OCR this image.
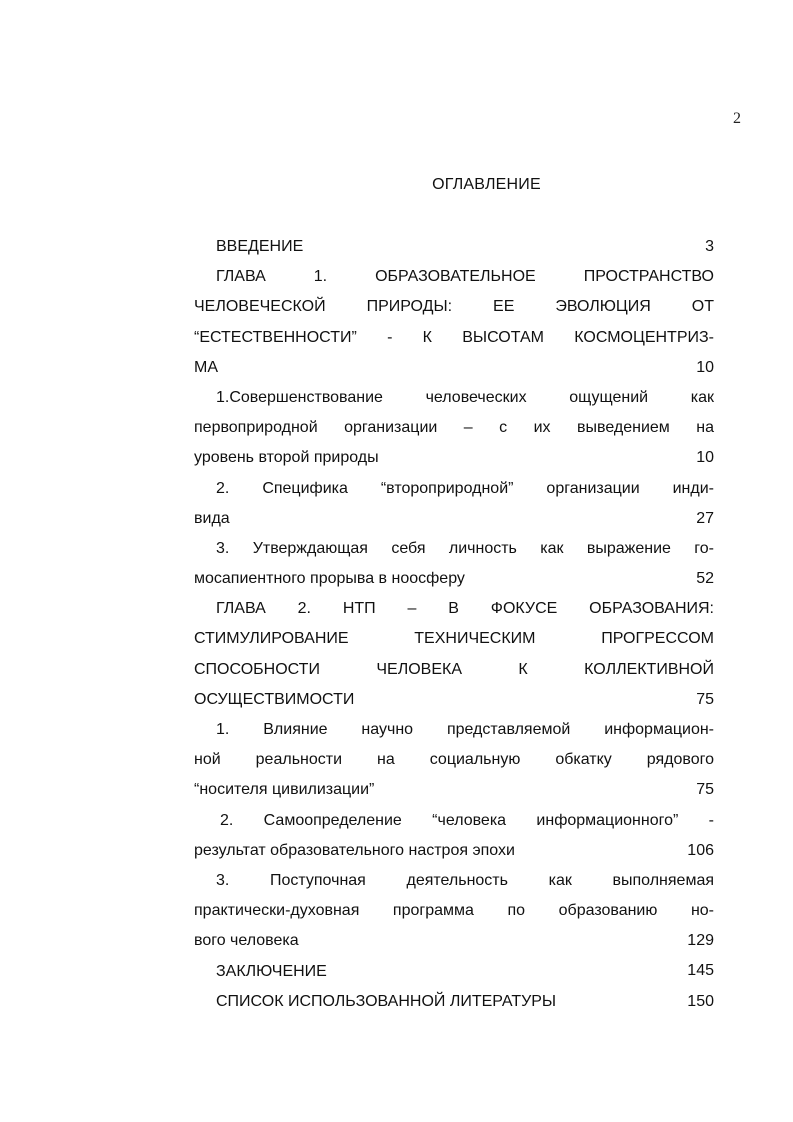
2
ОГЛАВЛЕНИЕ
ВВЕДЕНИЕ	3
ГЛАВА 1. ОБРАЗОВАТЕЛЬНОЕ ПРОСТРАНСТВО
ЧЕЛОВЕЧЕСКОЙ ПРИРОДЫ: ЕЕ ЭВОЛЮЦИЯ ОТ
“ЕСТЕСТВЕННОСТИ” - К ВЫСОТАМ КОСМОЦЕНТРИЗ-
МА	10
1.Совершенствование человеческих ощущений как
первоприродной организации – с их выведением на
уровень второй природы	10
2. Специфика “второприродной” организации инди-
вида	27
3. Утверждающая себя личность как выражение го-
мосапиентного прорыва в ноосферу	52
ГЛАВА 2. НТП – В ФОКУСЕ ОБРАЗОВАНИЯ:
СТИМУЛИРОВАНИЕ ТЕХНИЧЕСКИМ ПРОГРЕССОМ
СПОСОБНОСТИ ЧЕЛОВЕКА К КОЛЛЕКТИВНОЙ
ОСУЩЕСТВИМОСТИ	75
1. Влияние научно представляемой информацион-
ной реальности на социальную обкатку рядового
“носителя цивилизации”	75
2. Самоопределение “человека информационного” -
результат образовательного настроя эпохи	106
3. Поступочная деятельность как выполняемая
практически-духовная программа по образованию но-
вого человека	129
ЗАКЛЮЧЕНИЕ	145
СПИСОК ИСПОЛЬЗОВАННОЙ ЛИТЕРАТУРЫ	150
